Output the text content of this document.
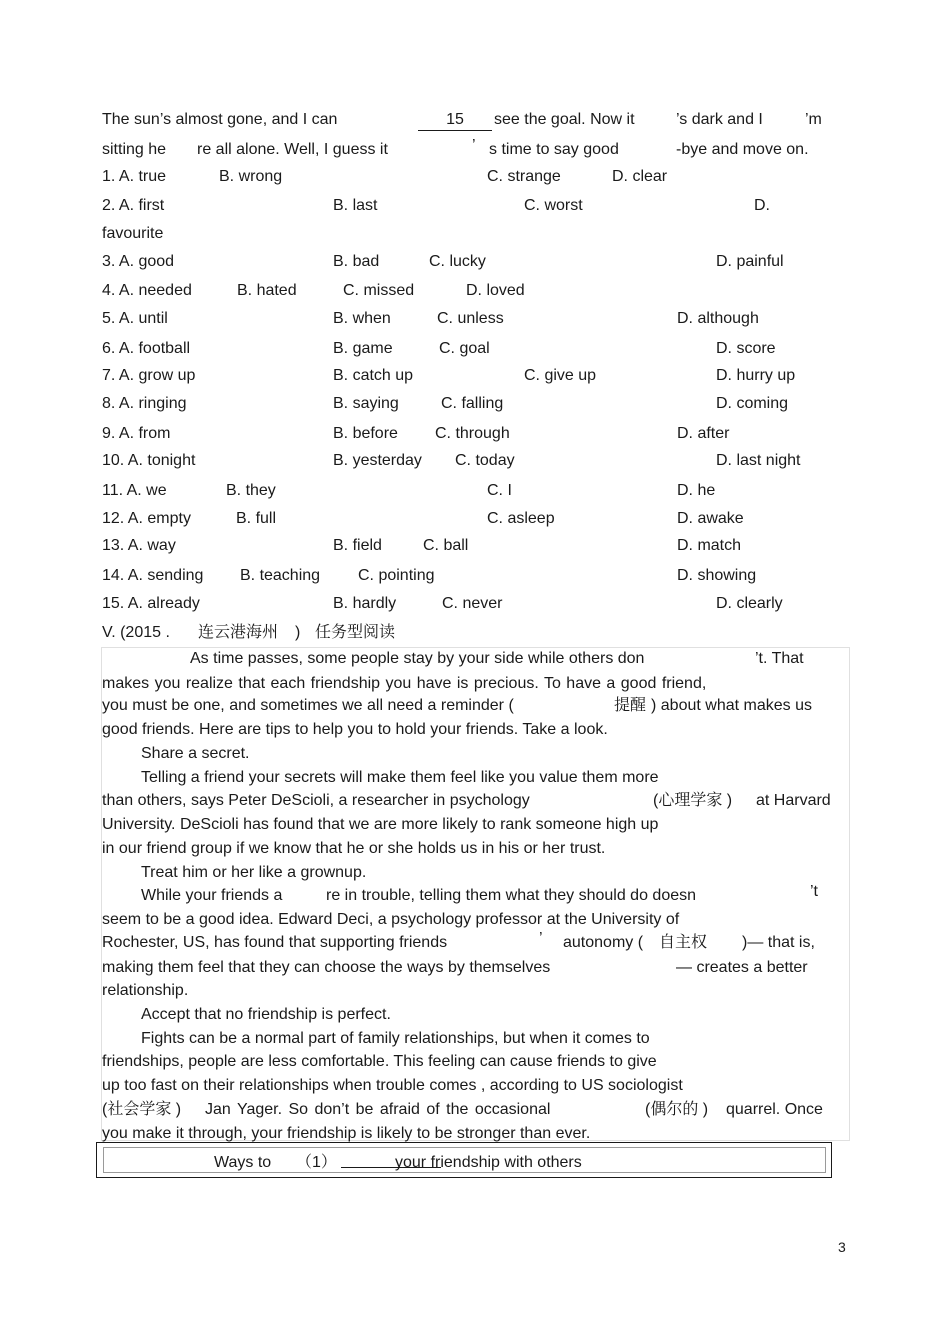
The sun’s almost gone, and I can	15	see the goal. Now it	’s dark and I	’m
sitting he re all alone. Well, I guess it	’ s time to say good	-bye and move on.
1. A. true	B. wrong	C. strange	D. clear
2. A. first	B. last	C. worst	D.
favourite
3. A. good	B. bad	C. lucky	D. painful
4. A. needed	B. hated	C. missed	D. loved
5. A. until	B. when	C. unless	D. although
6. A. football	B. game	C. goal	D. score
7. A. grow up	B. catch up	C. give up	D. hurry up
8. A. ringing	B. saying	C. falling	D. coming
9. A. from	B. before C. through	D. after
10. A. tonight	B. yesterday C. today	D. last night
11. A. we	B. they	C. I	D. he
12. A. empty	B. full	C. asleep	D. awake
13. A. way	B. field	C. ball	D. match
14. A. sending B. teaching C. pointing	D. showing
15. A. already	B. hardly	C. never	D. clearly
V. (2015 . 连云港海州 ) 任务型阅读
As time passes, some people stay by your side while others don	’t. That
makes you realize that each friendship you have is precious. To have a good friend,
you must be one, and sometimes we all need a reminder (	提醒 ) about what makes us
good friends. Here are tips to help you to hold your friends. Take a look.
Share a secret.
Telling a friend your secrets will make them feel like you value them more
than others, says Peter DeScioli, a researcher in psychology	(心理学家 ) at Harvard
University. DeScioli has found that we are more likely to rank someone high up
in our friend group if we know that he or she holds us in his or her trust.
Treat him or her like a grownup.
While your friends a	re in trouble, telling them what they should do doesn	’t
seem to be a good idea. Edward Deci, a psychology professor at the University of
Rochester, US, has found that supporting friends	’ autonomy ( 自主权 )— that is,
making them feel that they can choose the ways by themselves	— creates a better
relationship.
Accept that no friendship is perfect.
Fights can be a normal part of family relationships, but when it comes to
friendships, people are less comfortable. This feeling can cause friends to give
up too fast on their relationships when trouble comes , according to US sociologist
(社会学家 ) Jan Yager. So don’t be afraid of the occasional	(偶尔的 ) quarrel. Once
you make it through, your friendship is likely to be stronger than ever.
Ways to （1）	your friendship with others
3
